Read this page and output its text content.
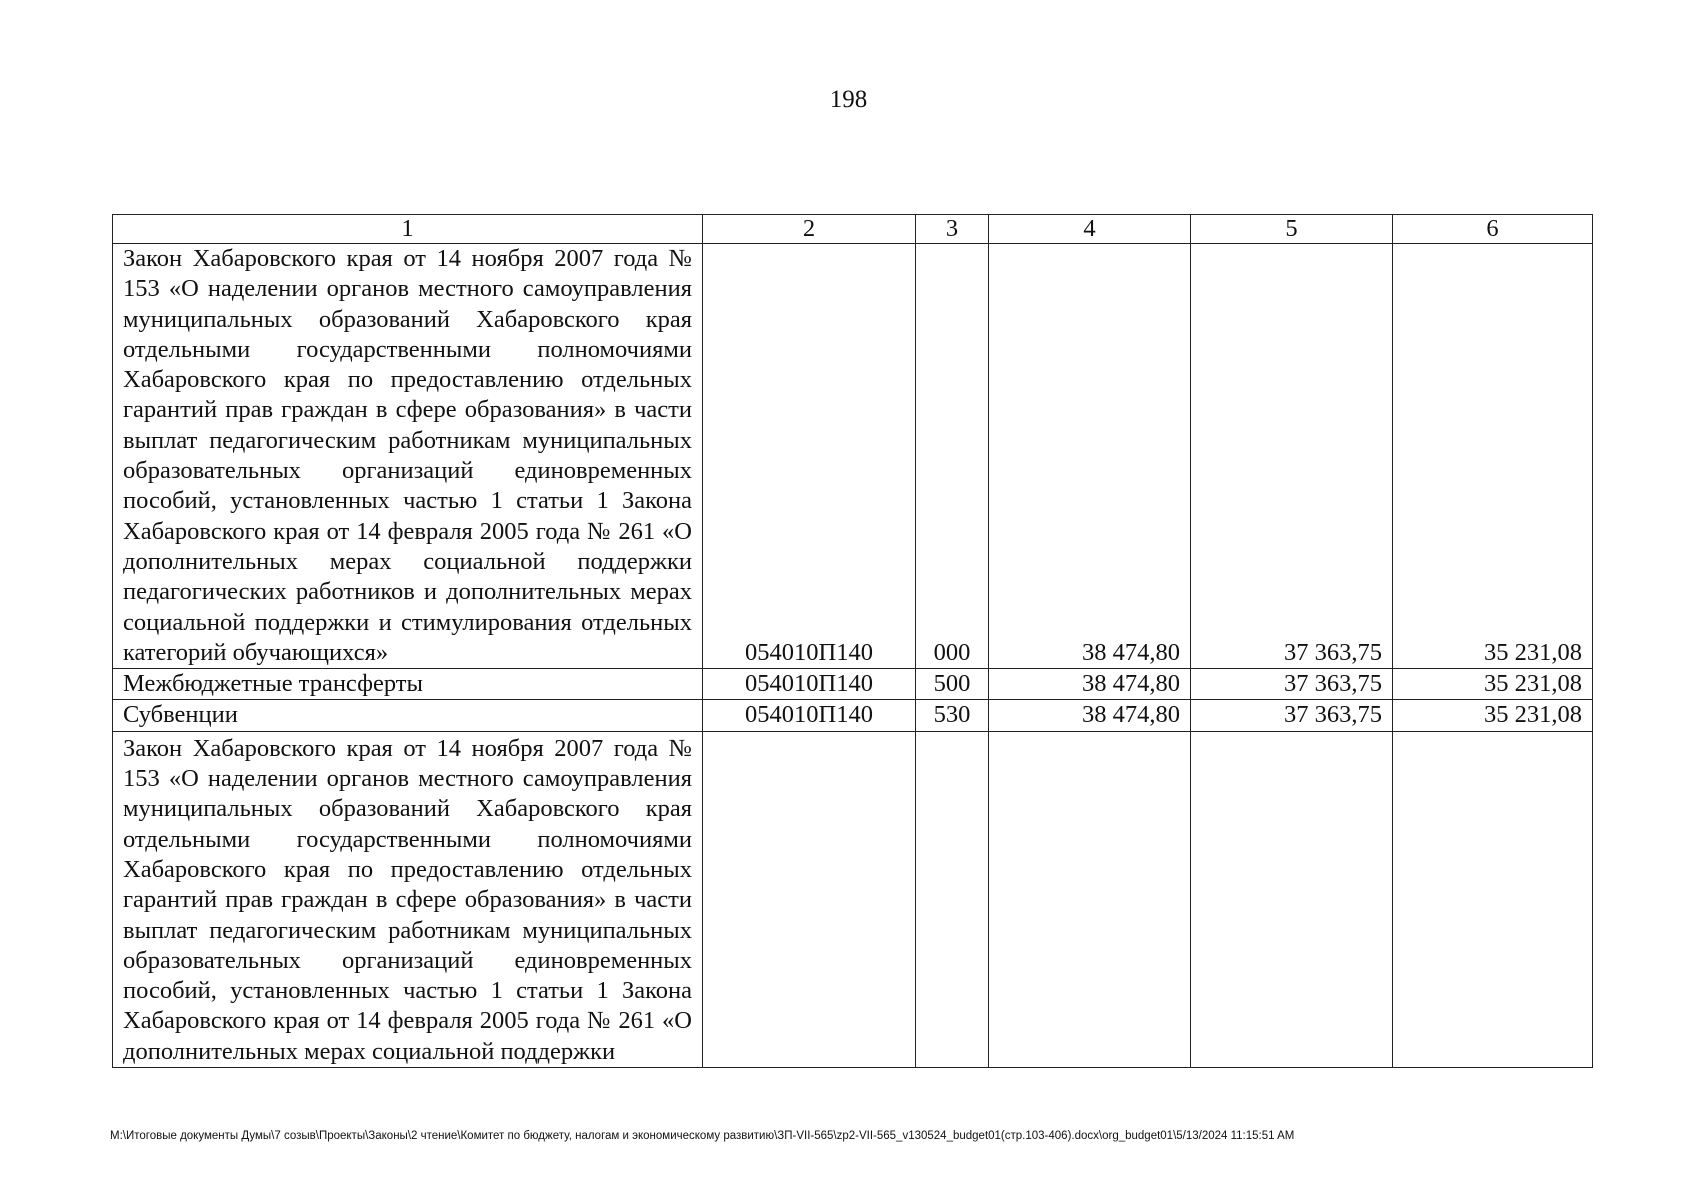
198
1	2	3	4	5	6
Закон Хабаровского края от 14 ноября 2007 года № 153 «О наделении органов местного самоуправления муниципальных образований Хабаровского края отдельными государственными полномочиями Хабаровского края по предоставлению отдельных гарантий прав граждан в сфере образования» в части выплат педагогическим работникам муниципальных образовательных организаций единовременных пособий, установленных частью 1 статьи 1 Закона Хабаровского края от 14 февраля 2005 года № 261 «О дополнительных мерах социальной поддержки педагогических работников и дополнительных мерах социальной поддержки и стимулирования отдельных категорий обучающихся»	054010П140	000	38 474,80	37 363,75	35 231,08
Межбюджетные трансферты	054010П140	500	38 474,80	37 363,75	35 231,08
Субвенции	054010П140	530	38 474,80	37 363,75	35 231,08
Закон Хабаровского края от 14 ноября 2007 года № 153 «О наделении органов местного самоуправления муниципальных образований Хабаровского края отдельными государственными полномочиями Хабаровского края по предоставлению отдельных гарантий прав граждан в сфере образования» в части выплат педагогическим работникам муниципальных образовательных организаций единовременных пособий, установленных частью 1 статьи 1 Закона Хабаровского края от 14 февраля 2005 года № 261 «О дополнительных мерах социальной поддержки					
M:\Итоговые документы Думы\7 созыв\Проекты\Законы\2 чтение\Комитет по бюджету, налогам и экономическому развитию\ЗП-VII-565\zp2-VII-565_v130524_budget01(стр.103-406).docx\org_budget01\5/13/2024 11:15:51 AM
